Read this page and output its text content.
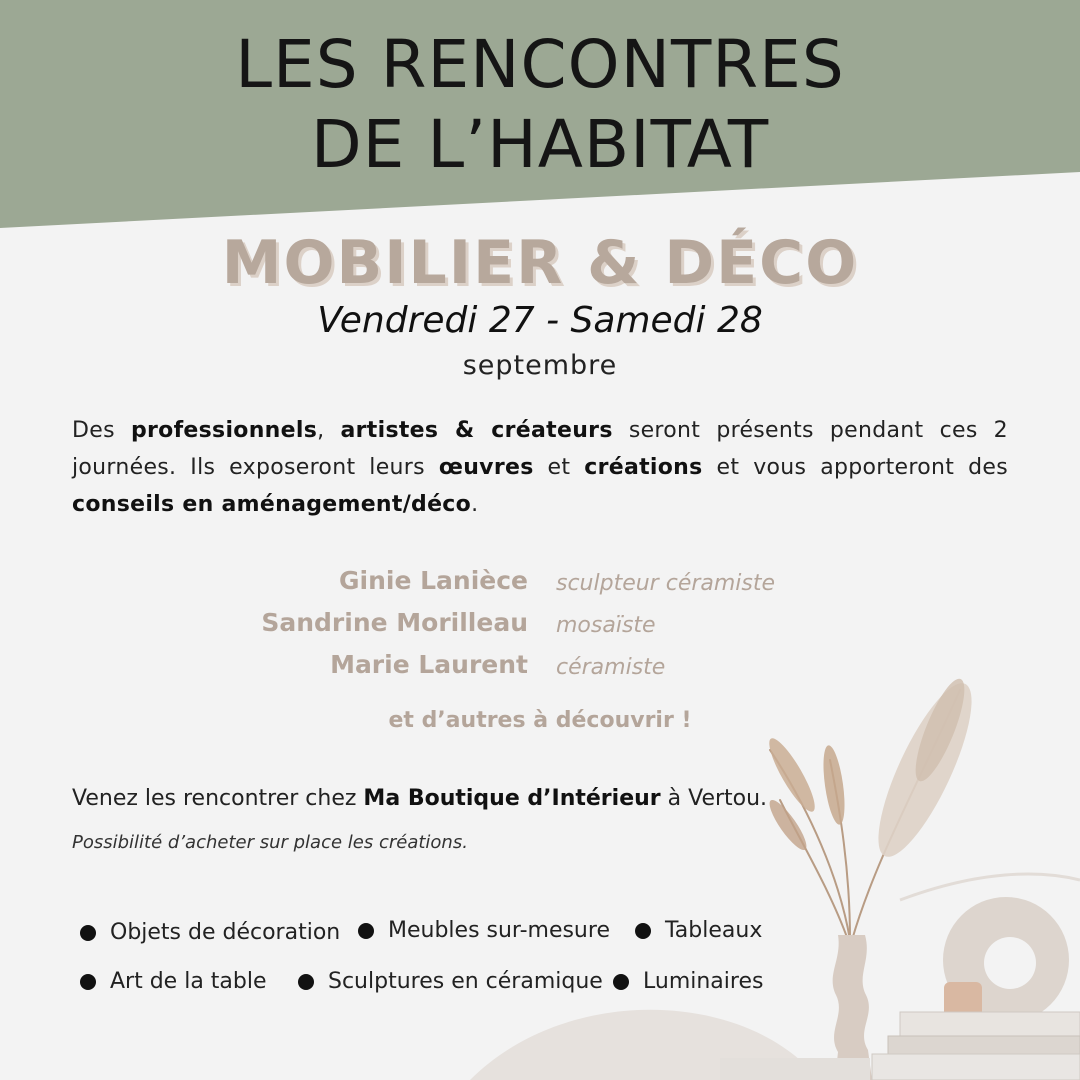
LES RENCONTRES
DE L’HABITAT
MOBILIER & DÉCO
Vendredi 27 - Samedi 28
septembre
Des professionnels, artistes & créateurs seront présents pendant ces 2 journées. Ils exposeront leurs œuvres et créations et vous apporteront des conseils en aménagement/déco.
Ginie Lanièce sculpteur céramiste
Sandrine Morilleau mosaïste
Marie Laurent céramiste
et d’autres à découvrir !
Venez les rencontrer chez Ma Boutique d’Intérieur à Vertou.
Possibilité d’acheter sur place les créations.
Objets de décoration Meubles sur-mesure	Tableaux
Art de la table	Sculptures en céramique Luminaires
